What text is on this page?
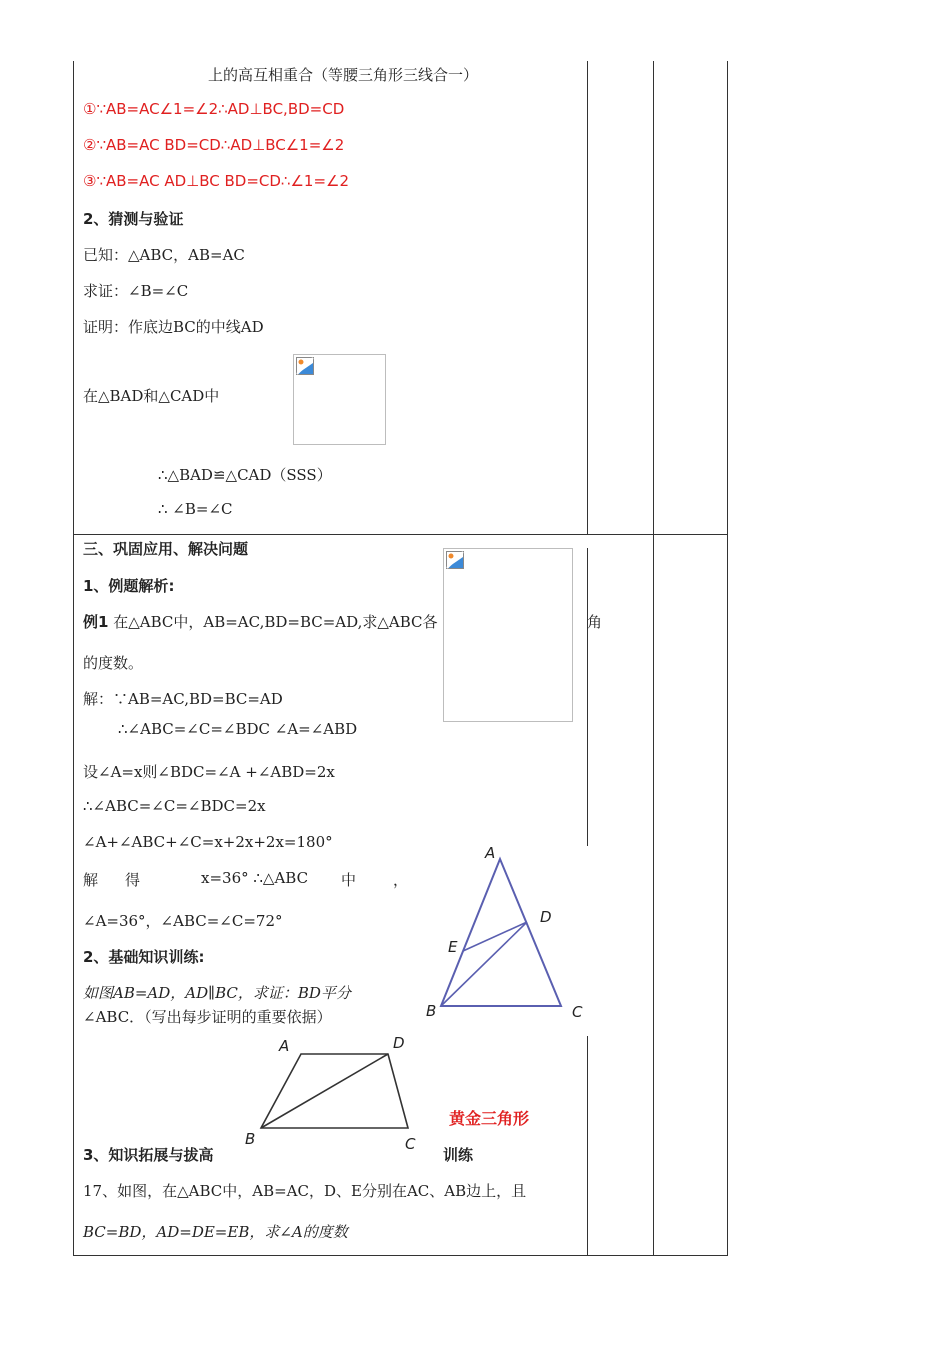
上的高互相重合（等腰三角形三线合一）
①∵AB=AC∠1=∠2∴AD⊥BC,BD=CD
②∵AB=AC BD=CD∴AD⊥BC∠1=∠2
③∵AB=AC AD⊥BC BD=CD∴∠1=∠2
2、猜测与验证
已知：△ABC，AB=AC
求证：∠B=∠C
证明：作底边BC的中线AD
在△BAD和△CAD中
∴△BAD≌△CAD（SSS）
∴ ∠B=∠C
三、巩固应用、解决问题
1、例题解析:
例1 在△ABC中，AB=AC,BD=BC=AD,求△ABC各	角
的度数。
解：∵AB=AC,BD=BC=AD
∴∠ABC=∠C=∠BDC ∠A=∠ABD
设∠A=x则∠BDC=∠A +∠ABD=2x
∴∠ABC=∠C=∠BDC=2x
∠A+∠ABC+∠C=x+2x+2x=180°
解 得	x=36° ∴△ABC 中 ，
∠A=36°，∠ABC=∠C=72°
2、基础知识训练:
如图AB=AD，AD∥BC，求证：BD平分
∠ABC．（写出每步证明的重要依据）
3、知识拓展与拔高	训练
黄金三角形
17、如图，在△ABC中，AB=AC，D、E分别在AC、AB边上，且
BC=BD，AD=DE=EB，求∠A的度数
A
D
E
B	C
A	D
B	C
